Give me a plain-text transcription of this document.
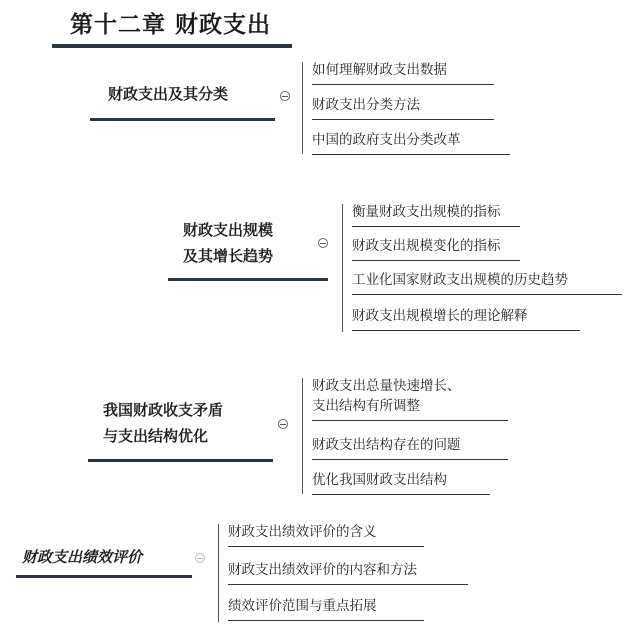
第十二章 财政支出
财政支出及其分类
如何理解财政支出数据
财政支出分类方法
中国的政府支出分类改革
财政支出规模
及其增长趋势
衡量财政支出规模的指标
财政支出规模变化的指标
工业化国家财政支出规模的历史趋势
财政支出规模增长的理论解释
我国财政收支矛盾
与支出结构优化
财政支出总量快速增长、
支出结构有所调整
财政支出结构存在的问题
优化我国财政支出结构
财政支出绩效评价
财政支出绩效评价的含义
财政支出绩效评价的内容和方法
绩效评价范围与重点拓展
